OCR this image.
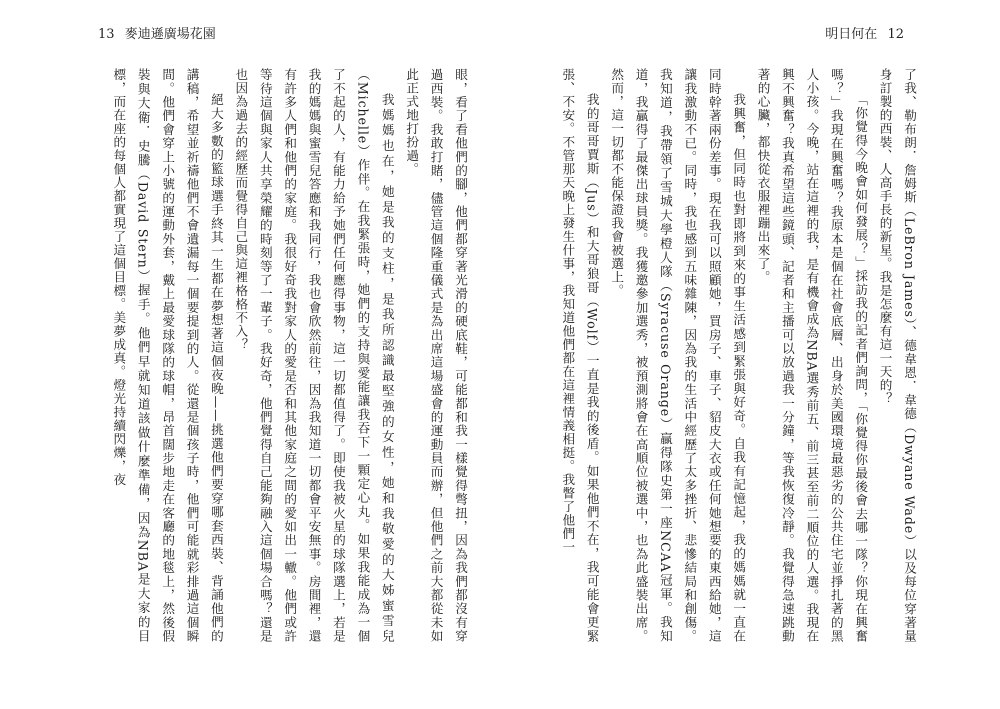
13 麥迪遜廣場花園	明日何在 12

眼，看了看他們的腳，他們都穿著光滑的硬底鞋，可能都和我一樣覺得彆扭，因為我們都沒有穿過西裝。我敢打賭，儘管這個隆重儀式是為出席這場盛會的運動員而辦，但他們之前大都從未如此正式地打扮過。

我媽媽也在，她是我的支柱，是我所認識最堅強的女性，她和我敬愛的大姊蜜雪兒（Michelle）作伴。在我緊張時，她們的支持與愛能讓我吞下一顆定心丸。如果我能成為一個了不起的人，有能力給予她們任何應得事物，這一切都值得了。即使我被火星的球隊選上，若是我的媽媽與蜜雪兒答應和我同行，我也會欣然前往，因為我知道一切都會平安無事。房間裡，還有許多人們和他們的家庭。我很好奇我對家人的愛是否和其他家庭之間的愛如出一轍。他們或許等待這個與家人共享榮耀的時刻等了一輩子。我好奇，他們覺得自己能夠融入這個場合嗎？還是也因為過去的經歷而覺得自己與這裡格格不入？

絕大多數的籃球選手終其一生都在夢想著這個夜晚——挑選他們要穿哪套西裝、背誦他們的講稿，希望並祈禱他們不會遺漏每一個要提到的人。從還是個孩子時，他們可能就彩排過這個瞬間。他們會穿上小號的運動外套，戴上最愛球隊的球帽，昂首闊步地走在客廳的地毯上，然後假裝與大衛．史騰（David Stern）握手。他們早就知道該做什麼準備，因為NBA是大家的目標，而在座的每個人都實現了這個目標。美夢成真。燈光持續閃爍，夜	了我、勒布朗．詹姆斯（LeBron James）、德韋恩．韋德（Dwyane Wade）以及每位穿著量身訂製的西裝、人高手長的新星。我是怎麼有這一天的？

「你覺得今晚會如何發展？」採訪我的記者們詢問，「你覺得你最後會去哪一隊？你現在興奮嗎？」我現在興奮嗎？我原本是個在社會底層、出身於美國環境最惡劣的公共住宅並掙扎著的黑人小孩。今晚，站在這裡的我，是有機會成為NBA選秀前五、前三甚至前二順位的人選。我現在興不興奮？我真希望這些鏡頭、記者和主播可以放過我一分鐘，等我恢復冷靜。我覺得急速跳動著的心臟，都快從衣服裡蹦出來了。

我興奮，但同時也對即將到來的事生活感到緊張與好奇。自我有記憶起，我的媽媽就一直在同時幹著兩份差事。現在我可以照顧她，買房子、車子、貂皮大衣或任何她想要的東西給她，這讓我激動不已。同時，我也感到五味雜陳，因為我的生活中經歷了太多挫折、悲慘結局和創傷。我知道，我帶領了雪城大學橙人隊（Syracuse Orange）贏得隊史第一座NCAA冠軍。我知道，我贏得了最傑出球員獎。我獲邀參加選秀，被預測將會在高順位被選中，也為此盛裝出席。然而，這一切都不能保證我會被選上。

我的哥哥賈斯（Jus）和大哥狼哥（Wolf）一直是我的後盾。如果他們不在，我可能會更緊張、不安。不管那天晚上發生什事，我知道他們都在這裡情義相挺。我瞥了他們一
